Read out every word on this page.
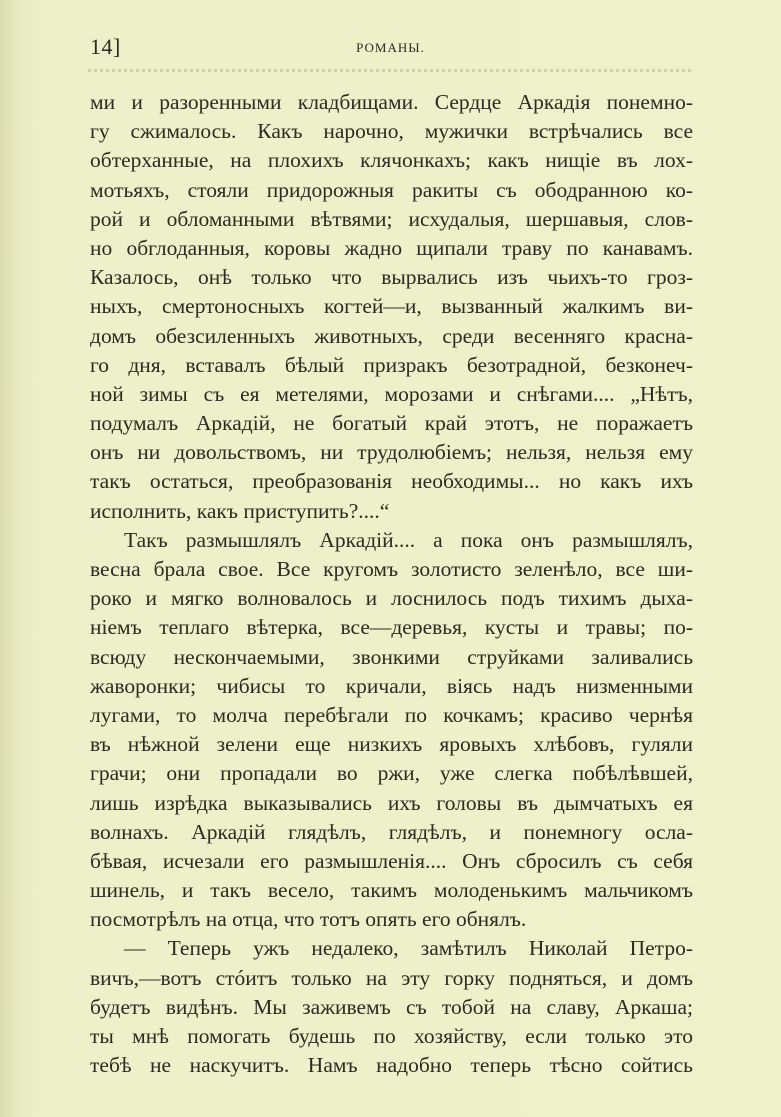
14]	РОМАНЫ.
ми и разоренными кладбищами. Сердце Аркадія понемно-
гу сжималось. Какъ нарочно, мужички встрѣчались все
обтерханные, на плохихъ клячонкахъ; какъ нищіе въ лох-
мотьяхъ, стояли придорожныя ракиты съ ободранною ко-
рой и обломанными вѣтвями; исхудалыя, шершавыя, слов-
но обглоданныя, коровы жадно щипали траву по канавамъ.
Казалось, онѣ только что вырвались изъ чьихъ-то гроз-
ныхъ, смертоносныхъ когтей—и, вызванный жалкимъ ви-
домъ обезсиленныхъ животныхъ, среди весенняго красна-
го дня, вставалъ бѣлый призракъ безотрадной, безконеч-
ной зимы съ ея метелями, морозами и снѣгами.... „Нѣтъ,
подумалъ Аркадій, не богатый край этотъ, не поражаетъ
онъ ни довольствомъ, ни трудолюбіемъ; нельзя, нельзя ему
такъ остаться, преобразованія необходимы... но какъ ихъ
исполнить, какъ приступить?....“
Такъ размышлялъ Аркадій.... а пока онъ размышлялъ,
весна брала свое. Все кругомъ золотисто зеленѣло, все ши-
роко и мягко волновалось и лоснилось подъ тихимъ дыха-
ніемъ теплаго вѣтерка, все—деревья, кусты и травы; по-
всюду нескончаемыми, звонкими струйками заливались
жаворонки; чибисы то кричали, віясь надъ низменными
лугами, то молча перебѣгали по кочкамъ; красиво чернѣя
въ нѣжной зелени еще низкихъ яровыхъ хлѣбовъ, гуляли
грачи; они пропадали во ржи, уже слегка побѣлѣвшей,
лишь изрѣдка выказывались ихъ головы въ дымчатыхъ ея
волнахъ. Аркадій глядѣлъ, глядѣлъ, и понемногу осла-
бѣвая, исчезали его размышленія.... Онъ сбросилъ съ себя
шинель, и такъ весело, такимъ молоденькимъ мальчикомъ
посмотрѣлъ на отца, что тотъ опять его обнялъ.
— Теперь ужъ недалеко, замѣтилъ Николай Петро-
вичъ,—вотъ стóитъ только на эту горку подняться, и домъ
будетъ видѣнъ. Мы заживемъ съ тобой на славу, Аркаша;
ты мнѣ помогать будешь по хозяйству, если только это
тебѣ не наскучитъ. Намъ надобно теперь тѣсно сойтись
